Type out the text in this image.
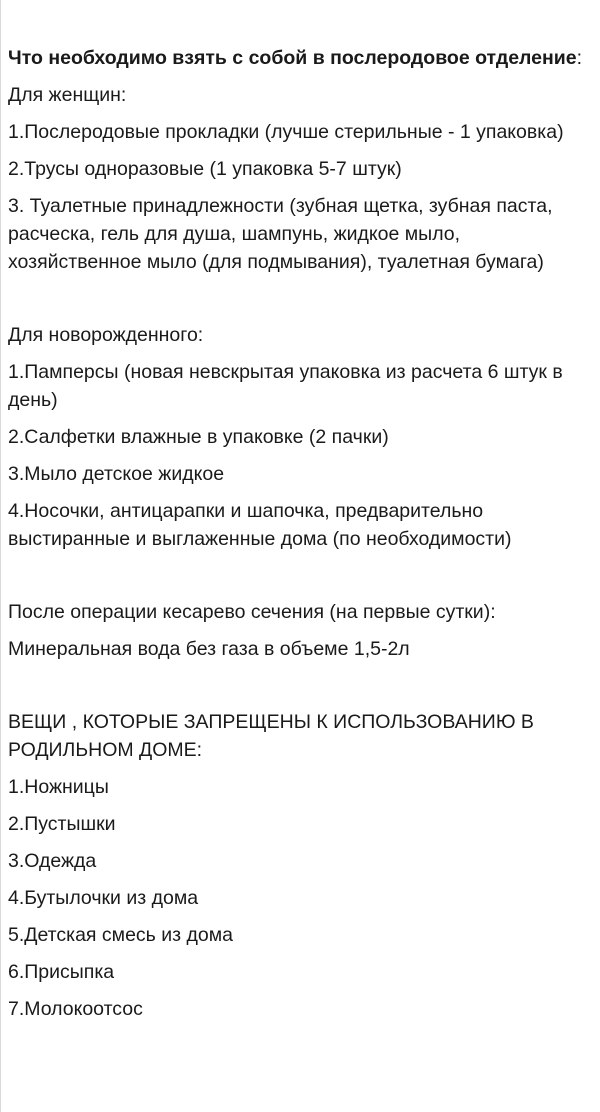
Что необходимо взять с собой в послеродовое отделение:

Для женщин:

1.Послеродовые прокладки (лучше стерильные - 1 упаковка)

2.Трусы одноразовые (1 упаковка 5-7 штук)

3. Туалетные принадлежности (зубная щетка, зубная паста, расческа, гель для душа, шампунь, жидкое мыло, хозяйственное мыло (для подмывания), туалетная бумага)

Для новорожденного:

1.Памперсы (новая невскрытая упаковка из расчета 6 штук в день)

2.Салфетки влажные в упаковке (2 пачки)

3.Мыло детское жидкое

4.Носочки, антицарапки и шапочка, предварительно выстиранные и выглаженные дома (по необходимости)

После операции кесарево сечения (на первые сутки):

Минеральная вода без газа в объеме 1,5-2л

ВЕЩИ , КОТОРЫЕ ЗАПРЕЩЕНЫ К ИСПОЛЬЗОВАНИЮ В РОДИЛЬНОМ ДОМЕ:

1.Ножницы

2.Пустышки

3.Одежда

4.Бутылочки из дома

5.Детская смесь из дома

6.Присыпка

7.Молокоотсос
